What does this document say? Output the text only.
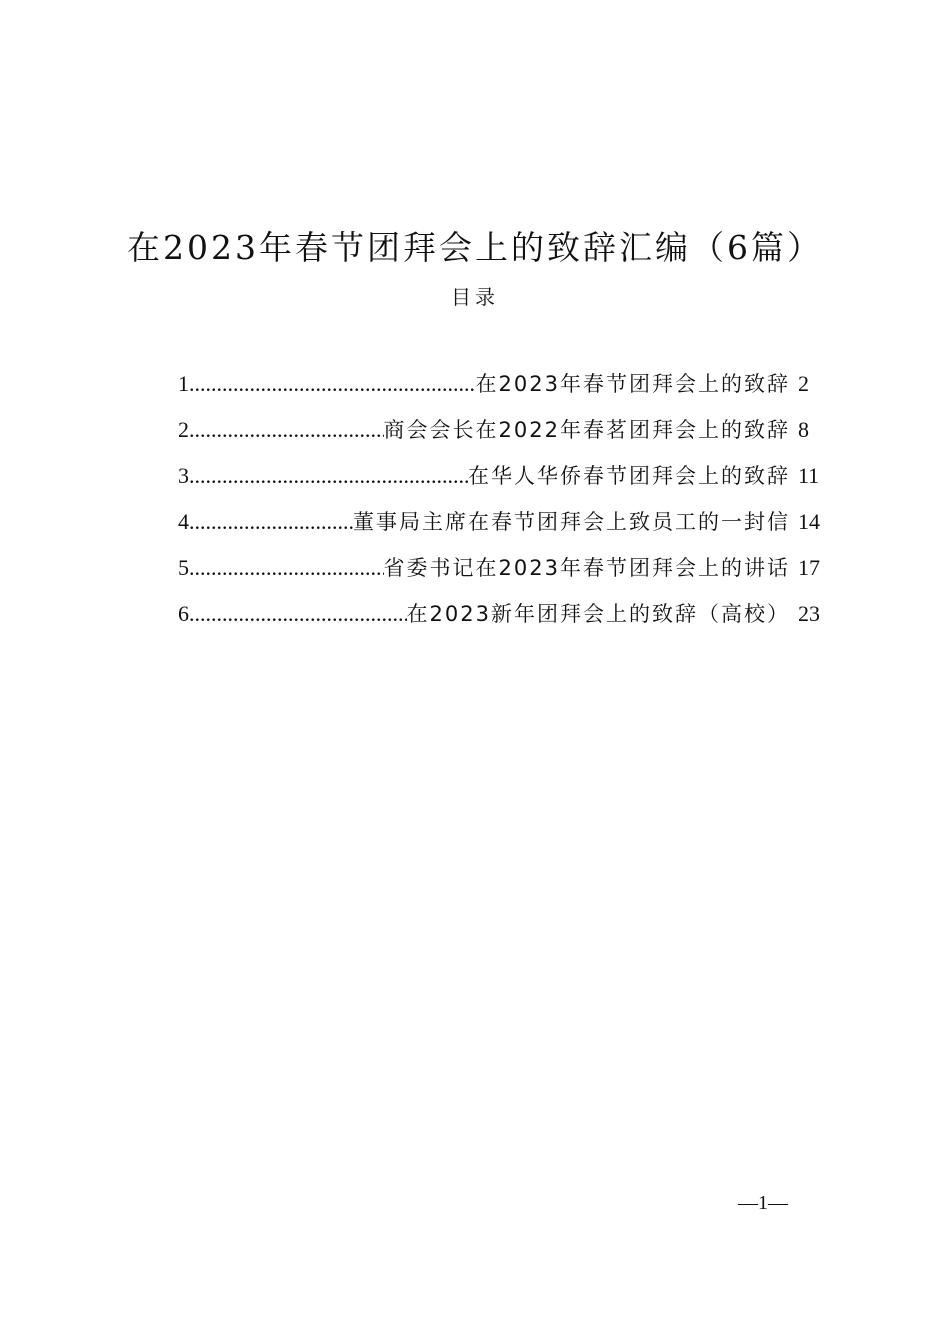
在2023年春节团拜会上的致辞汇编（6篇）
目录
1 .....	在2023年春节团拜会上的致辞 2
2 .....	商会会长在2022年春茗团拜会上的致辞 8
3 .....	在华人华侨春节团拜会上的致辞 11
4 .....	董事局主席在春节团拜会上致员工的一封信 14
5 .....	省委书记在2023年春节团拜会上的讲话 17
6 .....	在2023新年团拜会上的致辞（高校） 23
—1—
